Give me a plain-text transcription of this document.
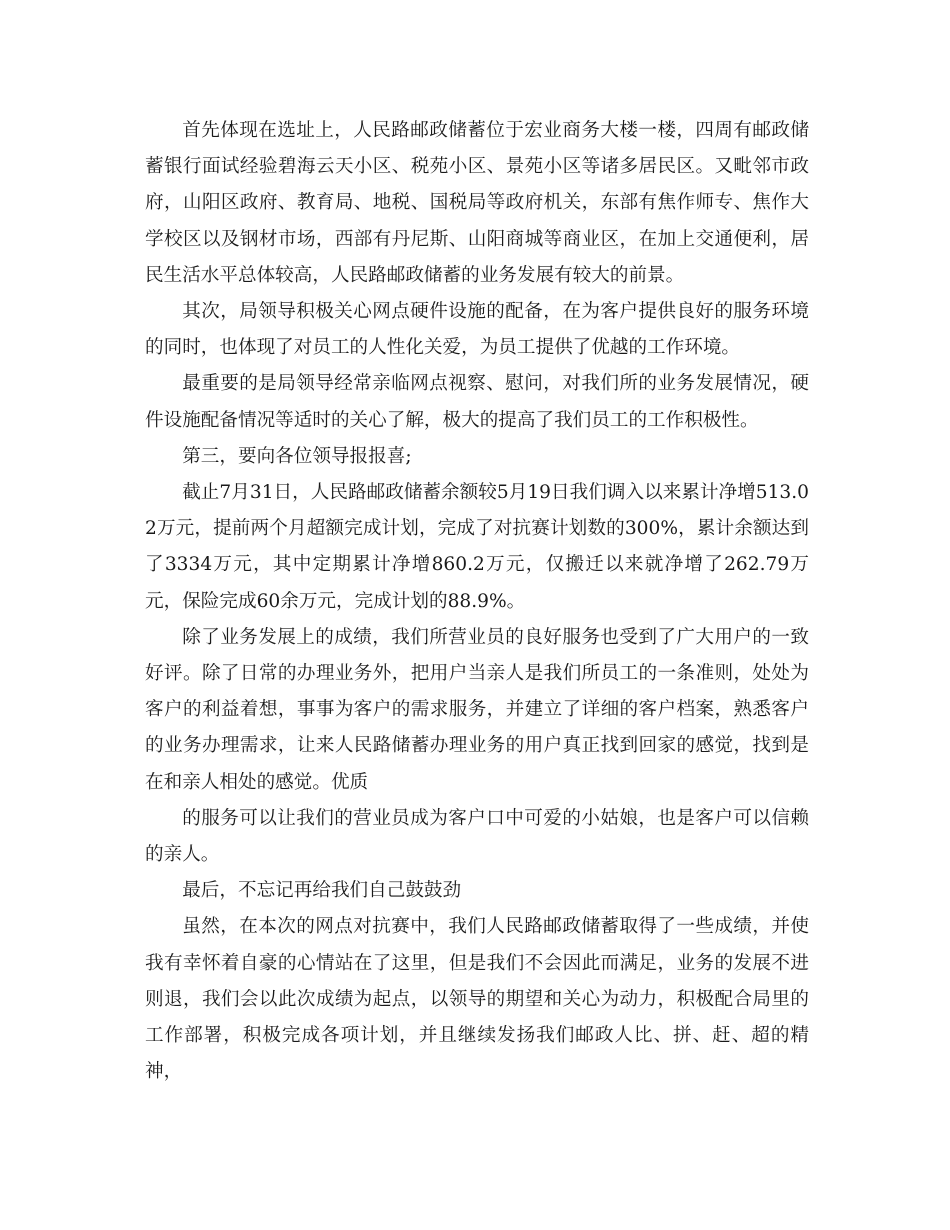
首先体现在选址上，人民路邮政储蓄位于宏业商务大楼一楼，四周有邮政储蓄银行面试经验碧海云天小区、税苑小区、景苑小区等诸多居民区。又毗邻市政府，山阳区政府、教育局、地税、国税局等政府机关，东部有焦作师专、焦作大学校区以及钢材市场，西部有丹尼斯、山阳商城等商业区，在加上交通便利，居民生活水平总体较高，人民路邮政储蓄的业务发展有较大的前景。

其次，局领导积极关心网点硬件设施的配备，在为客户提供良好的服务环境的同时，也体现了对员工的人性化关爱，为员工提供了优越的工作环境。

最重要的是局领导经常亲临网点视察、慰问，对我们所的业务发展情况，硬件设施配备情况等适时的关心了解，极大的提高了我们员工的工作积极性。

第三，要向各位领导报报喜;

截止7月31日，人民路邮政储蓄余额较5月19日我们调入以来累计净增513.02万元，提前两个月超额完成计划，完成了对抗赛计划数的300%，累计余额达到了3334万元，其中定期累计净增860.2万元，仅搬迁以来就净增了262.79万元，保险完成60余万元，完成计划的88.9%。

除了业务发展上的成绩，我们所营业员的良好服务也受到了广大用户的一致好评。除了日常的办理业务外，把用户当亲人是我们所员工的一条准则，处处为客户的利益着想，事事为客户的需求服务，并建立了详细的客户档案，熟悉客户的业务办理需求，让来人民路储蓄办理业务的用户真正找到回家的感觉，找到是在和亲人相处的感觉。优质

的服务可以让我们的营业员成为客户口中可爱的小姑娘，也是客户可以信赖的亲人。

最后，不忘记再给我们自己鼓鼓劲

虽然，在本次的网点对抗赛中，我们人民路邮政储蓄取得了一些成绩，并使我有幸怀着自豪的心情站在了这里，但是我们不会因此而满足，业务的发展不进则退，我们会以此次成绩为起点，以领导的期望和关心为动力，积极配合局里的工作部署，积极完成各项计划，并且继续发扬我们邮政人比、拼、赶、超的精神，
